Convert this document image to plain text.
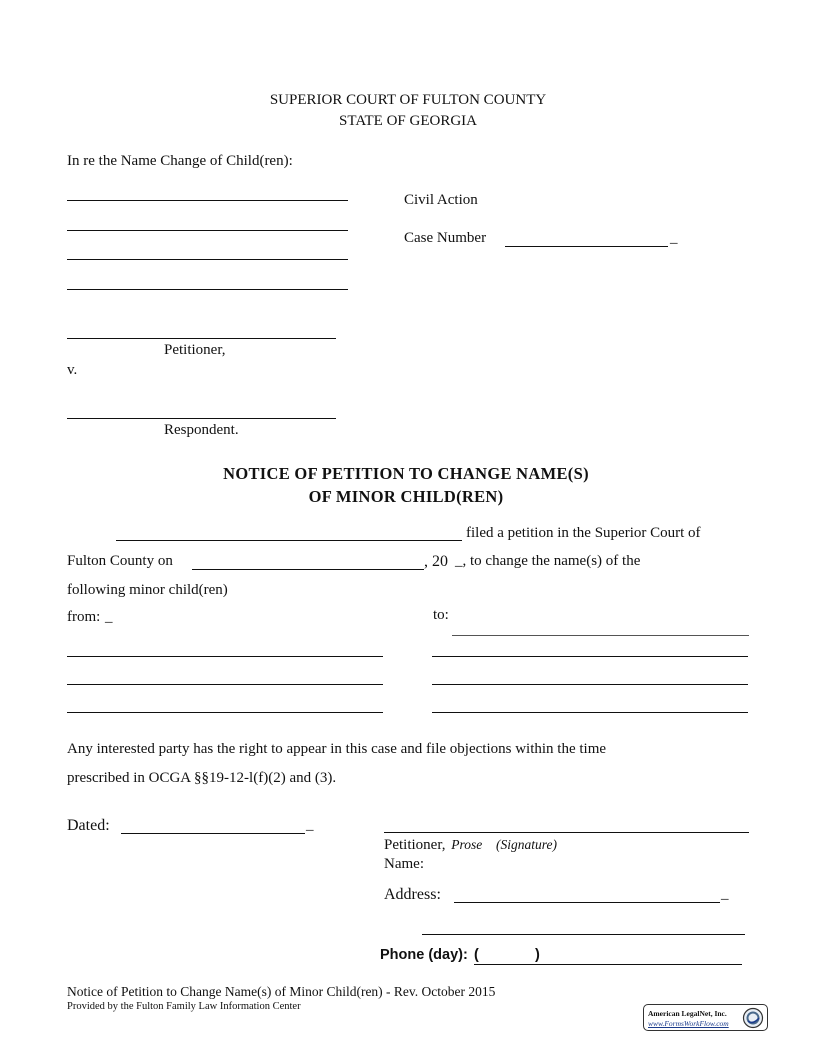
SUPERIOR COURT OF FULTON COUNTY
STATE OF GEORGIA
In re the Name Change of Child(ren):
Civil Action
Case Number	_
Petitioner,
v.
Respondent.
NOTICE OF PETITION TO CHANGE NAME(S)
OF MINOR CHILD(REN)
filed a petition in the Superior Court of
Fulton County on	, 20 _, to change the name(s) of the
following minor child(ren)
from: _	to:
Any interested party has the right to appear in this case and file objections within the time
prescribed in OCGA §§19-12-l(f)(2) and (3).
Dated:	_
Petitioner, Prose (Signature)
Name:
Address:	_
Phone (day): (	)
Notice of Petition to Change Name(s) of Minor Child(ren) - Rev. October 2015
Provided by the Fulton Family Law Information Center
American LegalNet, Inc.
www.FormsWorkFlow.com
